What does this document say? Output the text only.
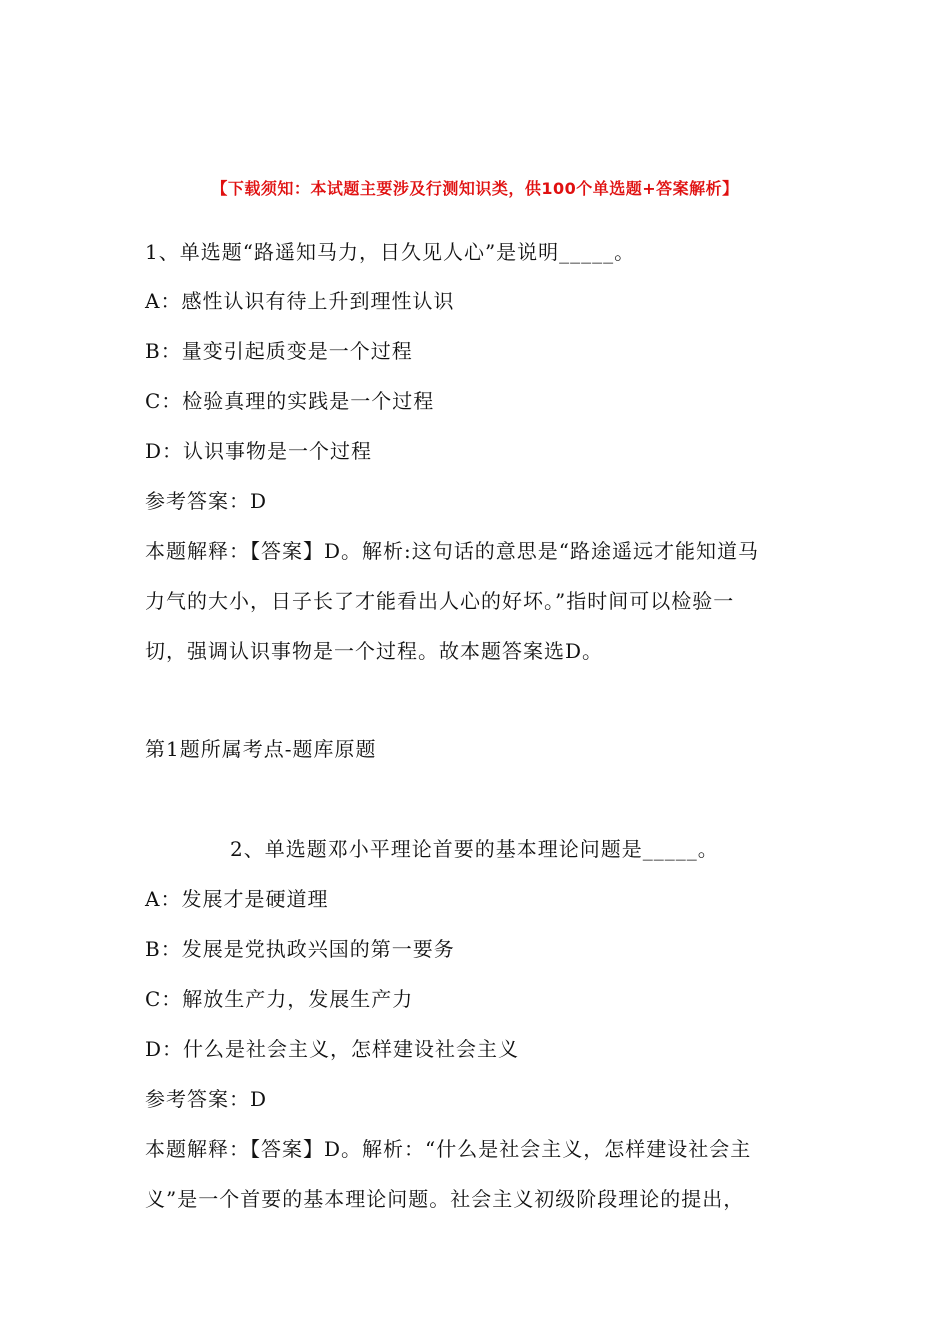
【下载须知：本试题主要涉及行测知识类，供100个单选题+答案解析】
1、单选题“路遥知马力，日久见人心”是说明_____。
A：感性认识有待上升到理性认识
B：量变引起质变是一个过程
C：检验真理的实践是一个过程
D：认识事物是一个过程
参考答案：D
本题解释：【答案】D。解析:这句话的意思是“路途遥远才能知道马
力气的大小，日子长了才能看出人心的好坏。”指时间可以检验一
切，强调认识事物是一个过程。故本题答案选D。
第1题所属考点-题库原题
2、单选题邓小平理论首要的基本理论问题是_____。
A：发展才是硬道理
B：发展是党执政兴国的第一要务
C：解放生产力，发展生产力
D：什么是社会主义，怎样建设社会主义
参考答案：D
本题解释：【答案】D。解析：“什么是社会主义，怎样建设社会主
义”是一个首要的基本理论问题。社会主义初级阶段理论的提出，
